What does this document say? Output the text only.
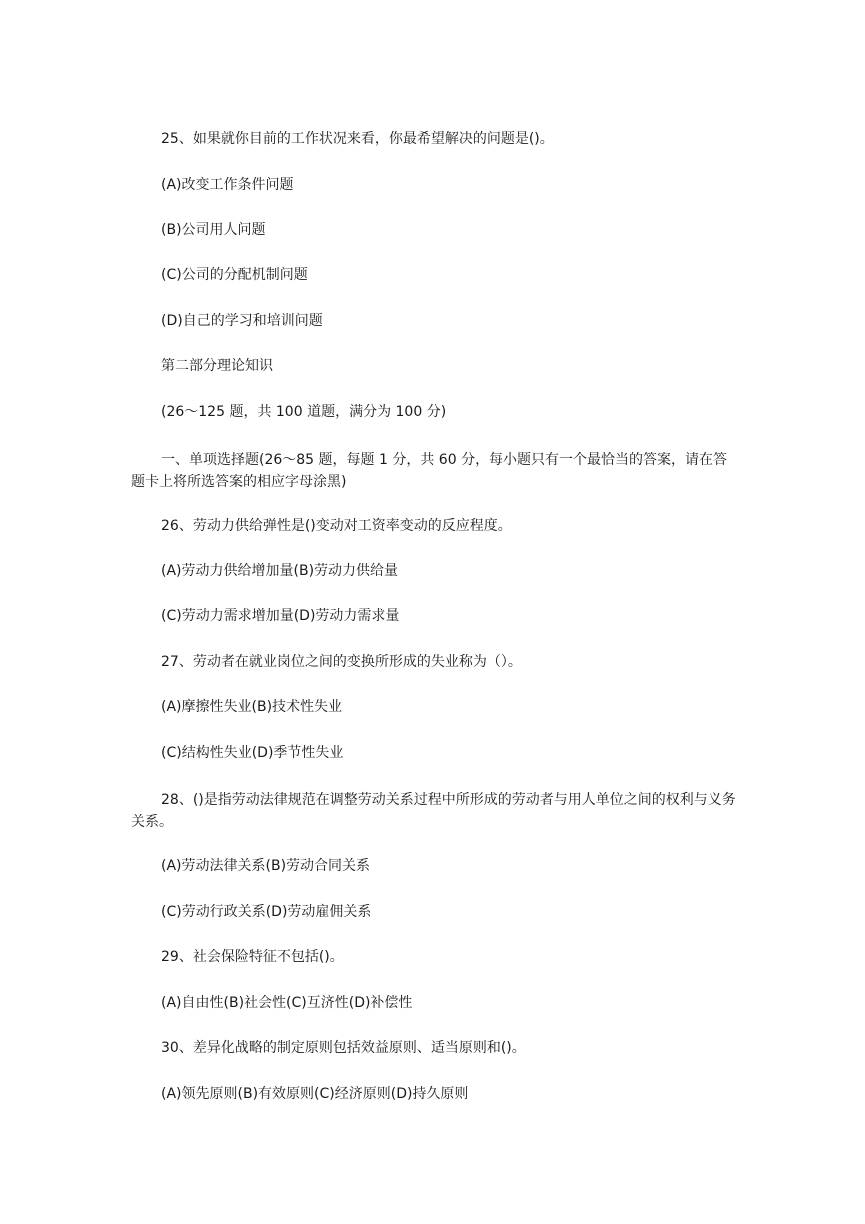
25、如果就你目前的工作状况来看，你最希望解决的问题是()。
(A)改变工作条件问题
(B)公司用人问题
(C)公司的分配机制问题
(D)自己的学习和培训问题
第二部分理论知识
(26～125 题，共 100 道题，满分为 100 分)
一、单项选择题(26～85 题，每题 1 分，共 60 分，每小题只有一个最恰当的答案，请在答题卡上将所选答案的相应字母涂黑)
26、劳动力供给弹性是()变动对工资率变动的反应程度。
(A)劳动力供给增加量(B)劳动力供给量
(C)劳动力需求增加量(D)劳动力需求量
27、劳动者在就业岗位之间的变换所形成的失业称为（）。
(A)摩擦性失业(B)技术性失业
(C)结构性失业(D)季节性失业
28、()是指劳动法律规范在调整劳动关系过程中所形成的劳动者与用人单位之间的权利与义务关系。
(A)劳动法律关系(B)劳动合同关系
(C)劳动行政关系(D)劳动雇佣关系
29、社会保险特征不包括()。
(A)自由性(B)社会性(C)互济性(D)补偿性
30、差异化战略的制定原则包括效益原则、适当原则和()。
(A)领先原则(B)有效原则(C)经济原则(D)持久原则
